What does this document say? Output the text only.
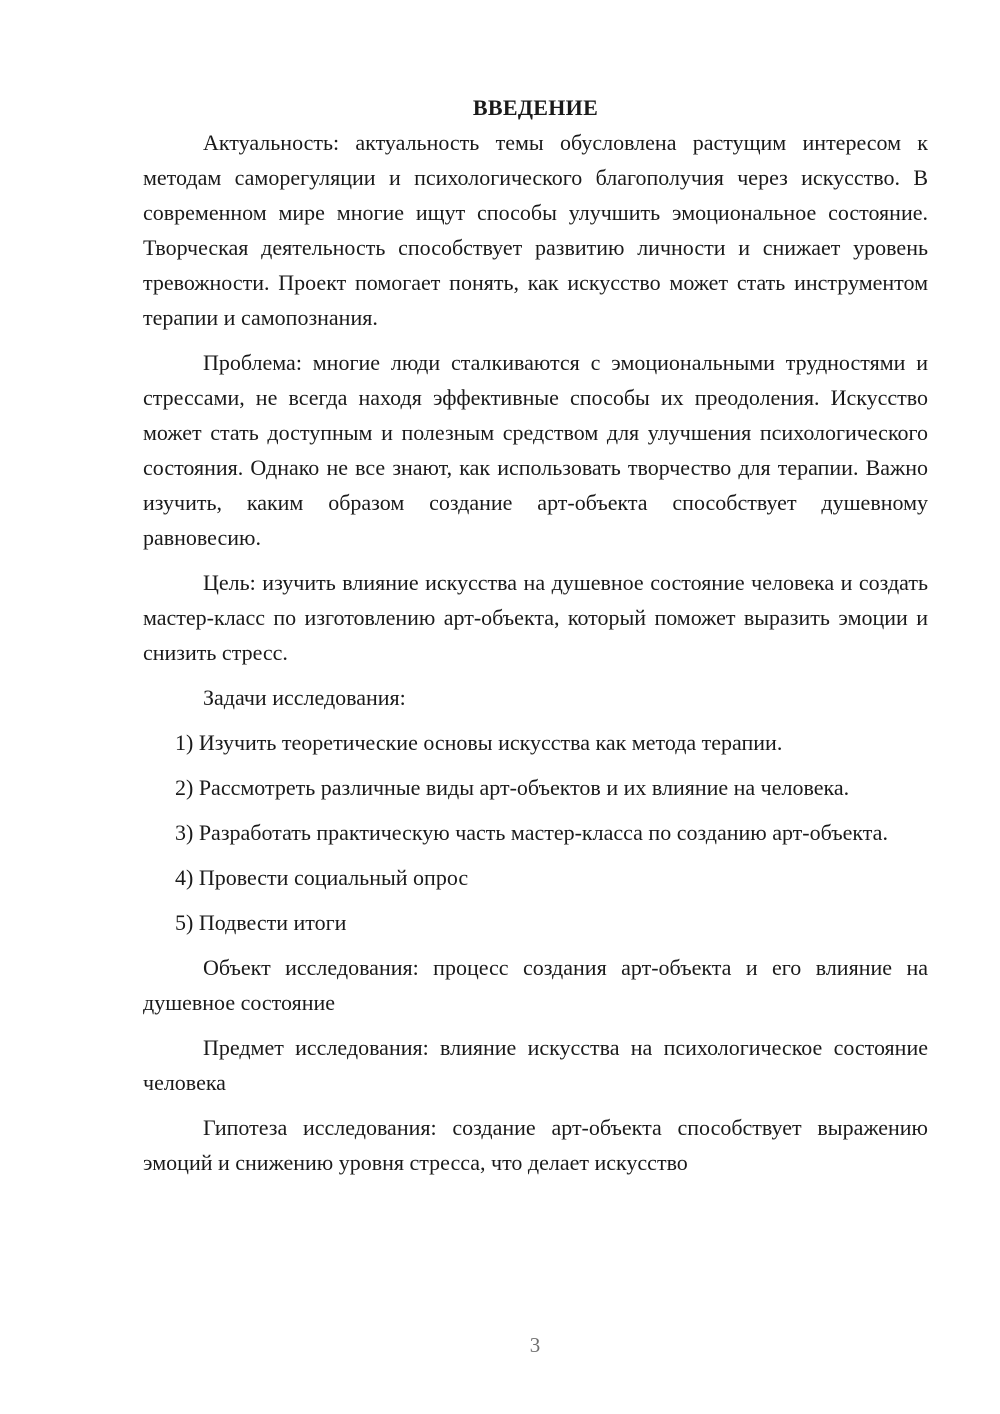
ВВЕДЕНИЕ

Актуальность: актуальность темы обусловлена растущим интересом к методам саморегуляции и психологического благополучия через искусство. В современном мире многие ищут способы улучшить эмоциональное состояние. Творческая деятельность способствует развитию личности и снижает уровень тревожности. Проект помогает понять, как искусство может стать инструментом терапии и самопознания.

Проблема: многие люди сталкиваются с эмоциональными трудностями и стрессами, не всегда находя эффективные способы их преодоления. Искусство может стать доступным и полезным средством для улучшения психологического состояния. Однако не все знают, как использовать творчество для терапии. Важно изучить, каким образом создание арт-объекта способствует душевному равновесию.

Цель: изучить влияние искусства на душевное состояние человека и создать мастер-класс по изготовлению арт-объекта, который поможет выразить эмоции и снизить стресс.

Задачи исследования:

1) Изучить теоретические основы искусства как метода терапии.

2) Рассмотреть различные виды арт-объектов и их влияние на человека.

3) Разработать практическую часть мастер-класса по созданию арт-объекта.

4) Провести социальный опрос

5) Подвести итоги

Объект исследования: процесс создания арт-объекта и его влияние на душевное состояние

Предмет исследования: влияние искусства на психологическое состояние человека

Гипотеза исследования: создание арт-объекта способствует выражению эмоций и снижению уровня стресса, что делает искусство

3
